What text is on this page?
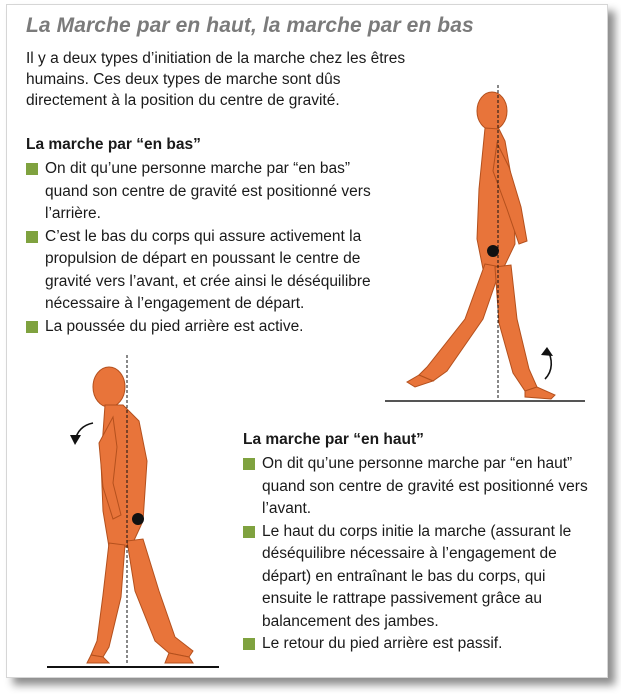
La Marche par en haut, la marche par en bas
Il y a deux types d’initiation de la marche chez les êtres humains. Ces deux types de marche sont dûs directement à la position du centre de gravité.
La marche par “en bas”
On dit qu’une personne marche par “en bas” quand son centre de gravité est positionné vers l’arrière.
C’est le bas du corps qui assure activement la propulsion de départ en poussant le centre de gravité vers l’avant, et crée ainsi le déséquilibre nécessaire à l’engagement de départ.
La poussée du pied arrière est active.
La marche par “en haut”
On dit qu’une personne marche par “en haut” quand son centre de gravité est positionné vers l’avant.
Le haut du corps initie la marche (assurant le déséquilibre nécessaire à l’engagement de départ) en entraînant le bas du corps, qui ensuite le rattrape passivement grâce au balancement des jambes.
Le retour du pied arrière est passif.
